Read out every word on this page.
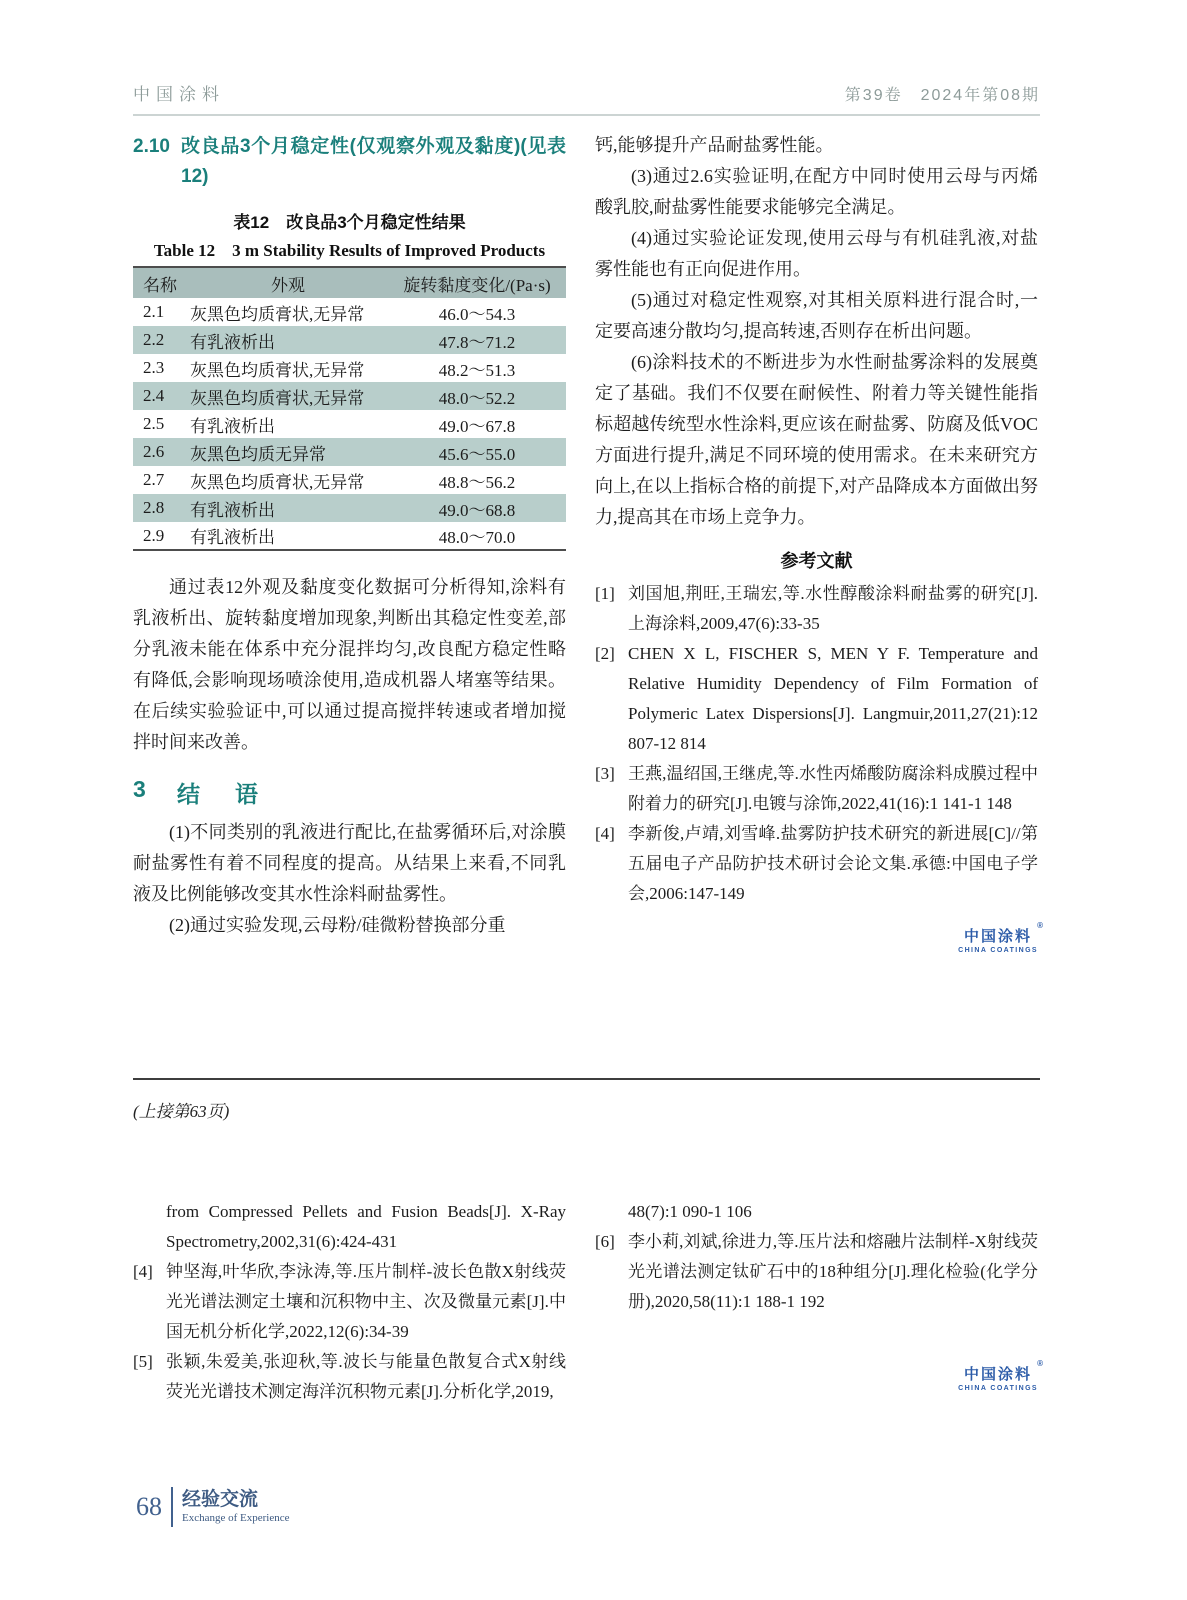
中国涂料	第39卷　2024年第08期
2.10 改良品3个月稳定性(仅观察外观及黏度)(见表12)
表12　改良品3个月稳定性结果
Table 12　3 m Stability Results of Improved Products
名称	外观	旋转黏度变化/(Pa·s)
2.1	灰黑色均质膏状,无异常	46.0～54.3
2.2	有乳液析出	47.8～71.2
2.3	灰黑色均质膏状,无异常	48.2～51.3
2.4	灰黑色均质膏状,无异常	48.0～52.2
2.5	有乳液析出	49.0～67.8
2.6	灰黑色均质无异常	45.6～55.0
2.7	灰黑色均质膏状,无异常	48.8～56.2
2.8	有乳液析出	49.0～68.8
2.9	有乳液析出	48.0～70.0

通过表12外观及黏度变化数据可分析得知,涂料有乳液析出、旋转黏度增加现象,判断出其稳定性变差,部分乳液未能在体系中充分混拌均匀,改良配方稳定性略有降低,会影响现场喷涂使用,造成机器人堵塞等结果。在后续实验验证中,可以通过提高搅拌转速或者增加搅拌时间来改善。

3	结　语

(1)不同类别的乳液进行配比,在盐雾循环后,对涂膜耐盐雾性有着不同程度的提高。从结果上来看,不同乳液及比例能够改变其水性涂料耐盐雾性。

(2)通过实验发现,云母粉/硅微粉替换部分重

钙,能够提升产品耐盐雾性能。

(3)通过2.6实验证明,在配方中同时使用云母与丙烯酸乳胶,耐盐雾性能要求能够完全满足。

(4)通过实验论证发现,使用云母与有机硅乳液,对盐雾性能也有正向促进作用。

(5)通过对稳定性观察,对其相关原料进行混合时,一定要高速分散均匀,提高转速,否则存在析出问题。

(6)涂料技术的不断进步为水性耐盐雾涂料的发展奠定了基础。我们不仅要在耐候性、附着力等关键性能指标超越传统型水性涂料,更应该在耐盐雾、防腐及低VOC方面进行提升,满足不同环境的使用需求。在未来研究方向上,在以上指标合格的前提下,对产品降成本方面做出努力,提高其在市场上竞争力。

参考文献
[1] 刘国旭,荆旺,王瑞宏,等.水性醇酸涂料耐盐雾的研究[J].上海涂料,2009,47(6):33-35
[2] CHEN X L, FISCHER S, MEN Y F. Temperature and Relative Humidity Dependency of Film Formation of Polymeric Latex Dispersions[J]. Langmuir,2011,27(21):12 807-12 814
[3] 王燕,温绍国,王继虎,等.水性丙烯酸防腐涂料成膜过程中附着力的研究[J].电镀与涂饰,2022,41(16):1 141-1 148
[4] 李新俊,卢靖,刘雪峰.盐雾防护技术研究的新进展[C]//第五届电子产品防护技术研讨会论文集.承德:中国电子学会,2006:147-149
中国涂料
®
CHINA COATINGS
(上接第63页)
from Compressed Pellets and Fusion Beads[J]. X-Ray Spectrometry,2002,31(6):424-431
[4] 钟坚海,叶华欣,李泳涛,等.压片制样-波长色散X射线荧光光谱法测定土壤和沉积物中主、次及微量元素[J].中国无机分析化学,2022,12(6):34-39
[5] 张颖,朱爱美,张迎秋,等.波长与能量色散复合式X射线荧光光谱技术测定海洋沉积物元素[J].分析化学,2019,
48(7):1 090-1 106
[6] 李小莉,刘斌,徐进力,等.压片法和熔融片法制样-X射线荧光光谱法测定钛矿石中的18种组分[J].理化检验(化学分册),2020,58(11):1 188-1 192
中国涂料
®
CHINA COATINGS
68 经验交流
Exchange of Experience
